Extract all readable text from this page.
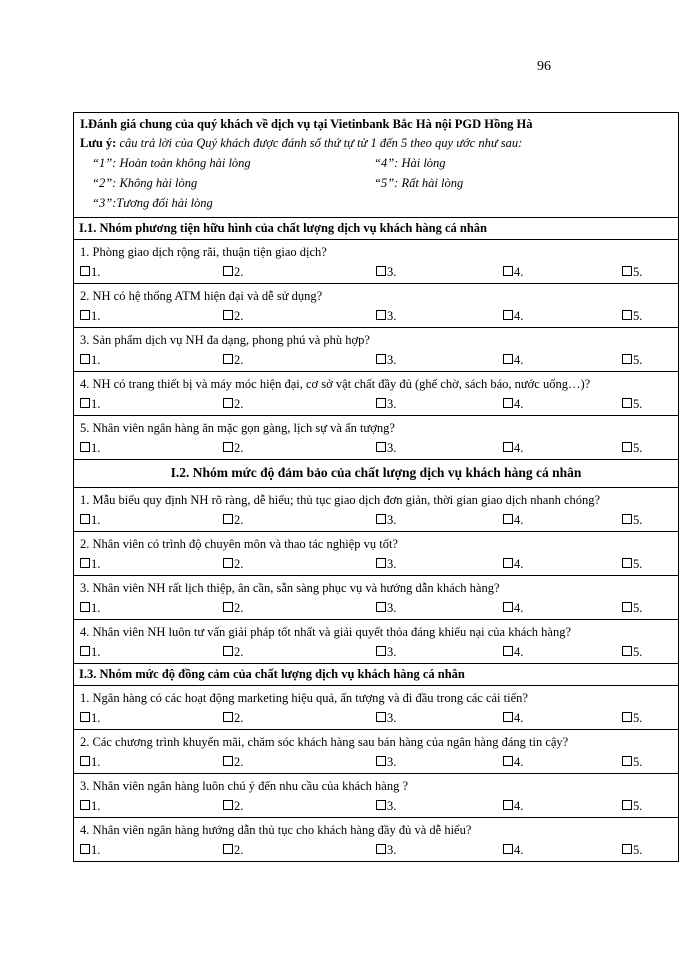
96
I.Đánh giá chung của quý khách về dịch vụ tại Vietinbank Bắc Hà nội PGD Hồng Hà
Lưu ý: câu trả lời của Quý khách được đánh số thứ tự từ 1 đến 5 theo quy ước như sau:
“1”: Hoàn toàn không hài lòng	“4”: Hài lòng
“2”: Không hài lòng	“5”: Rất hài lòng
“3”:Tương đối hài lòng
I.1. Nhóm phương tiện hữu hình của chất lượng dịch vụ khách hàng cá nhân
1. Phòng giao dịch rộng rãi, thuận tiện giao dịch?
1.	2.	3.	4.	5.
2. NH có hệ thống ATM hiện đại và dễ sử dụng?
1.	2.	3.	4.	5.
3. Sản phẩm dịch vụ NH đa dạng, phong phú và phù hợp?
1.	2.	3.	4.	5.
4. NH có trang thiết bị và máy móc hiện đại, cơ sở vật chất đầy đủ (ghế chờ, sách báo, nước uống…)?
1.	2.	3.	4.	5.
5. Nhân viên ngân hàng ăn mặc gọn gàng, lịch sự và ấn tượng?
1.	2.	3.	4.	5.
I.2. Nhóm mức độ đảm bảo của chất lượng dịch vụ khách hàng cá nhân
1. Mẫu biểu quy định NH rõ ràng, dễ hiểu; thủ tục giao dịch đơn giản, thời gian giao dịch nhanh chóng?
1.	2.	3.	4.	5.
2. Nhân viên có trình độ chuyên môn và thao tác nghiệp vụ tốt?
1.	2.	3.	4.	5.
3. Nhân viên NH rất lịch thiệp, ân cần, sẵn sàng phục vụ và hướng dẫn khách hàng?
1.	2.	3.	4.	5.
4. Nhân viên NH luôn tư vấn giải pháp tốt nhất và giải quyết thỏa đáng khiếu nại của khách hàng?
1.	2.	3.	4.	5.
I.3. Nhóm mức độ đồng cảm của chất lượng dịch vụ khách hàng cá nhân
1. Ngân hàng có các hoạt động marketing hiệu quả, ấn tượng và đi đầu trong các cải tiến?
1.	2.	3.	4.	5.
2. Các chương trình khuyến mãi, chăm sóc khách hàng sau bán hàng của ngân hàng đáng tin cậy?
1.	2.	3.	4.	5.
3. Nhân viên ngân hàng luôn chú ý đến nhu cầu của khách hàng ?
1.	2.	3.	4.	5.
4. Nhân viên ngân hàng hướng dẫn thủ tục cho khách hàng đầy đủ và dễ hiểu?
1.	2.	3.	4.	5.
